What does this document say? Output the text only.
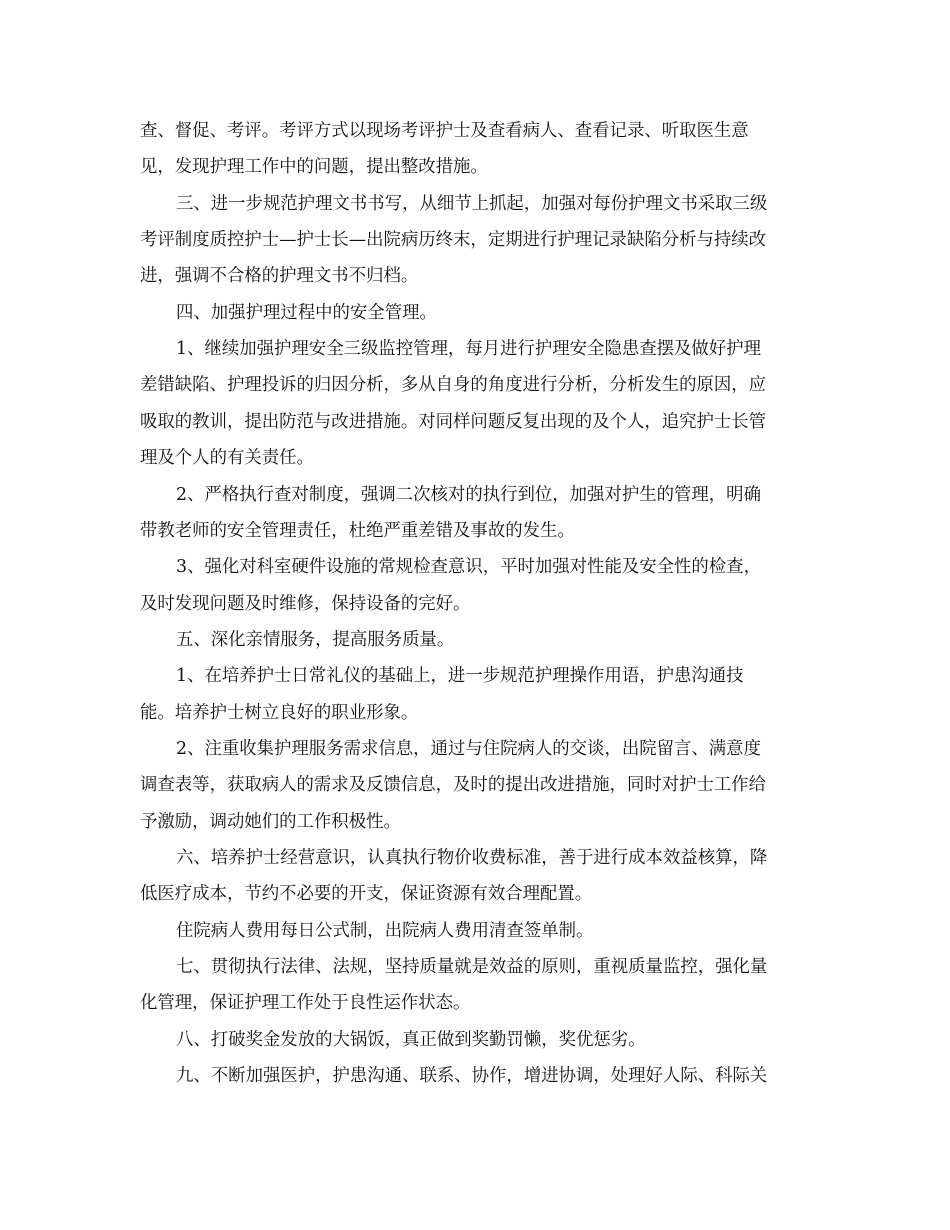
查、督促、考评。考评方式以现场考评护士及查看病人、查看记录、听取医生意
见，发现护理工作中的问题，提出整改措施。
三、进一步规范护理文书书写，从细节上抓起，加强对每份护理文书采取三级
考评制度质控护士—护士长—出院病历终末，定期进行护理记录缺陷分析与持续改
进，强调不合格的护理文书不归档。
四、加强护理过程中的安全管理。
1、继续加强护理安全三级监控管理，每月进行护理安全隐患查摆及做好护理
差错缺陷、护理投诉的归因分析，多从自身的角度进行分析，分析发生的原因，应
吸取的教训，提出防范与改进措施。对同样问题反复出现的及个人，追究护士长管
理及个人的有关责任。
2、严格执行查对制度，强调二次核对的执行到位，加强对护生的管理，明确
带教老师的安全管理责任，杜绝严重差错及事故的发生。
3、强化对科室硬件设施的常规检查意识，平时加强对性能及安全性的检查，
及时发现问题及时维修，保持设备的完好。
五、深化亲情服务，提高服务质量。
1、在培养护士日常礼仪的基础上，进一步规范护理操作用语，护患沟通技
能。培养护士树立良好的职业形象。
2、注重收集护理服务需求信息，通过与住院病人的交谈，出院留言、满意度
调查表等，获取病人的需求及反馈信息，及时的提出改进措施，同时对护士工作给
予激励，调动她们的工作积极性。
六、培养护士经营意识，认真执行物价收费标准，善于进行成本效益核算，降
低医疗成本，节约不必要的开支，保证资源有效合理配置。
住院病人费用每日公式制，出院病人费用清查签单制。
七、贯彻执行法律、法规，坚持质量就是效益的原则，重视质量监控，强化量
化管理，保证护理工作处于良性运作状态。
八、打破奖金发放的大锅饭，真正做到奖勤罚懒，奖优惩劣。
九、不断加强医护，护患沟通、联系、协作，增进协调，处理好人际、科际关
